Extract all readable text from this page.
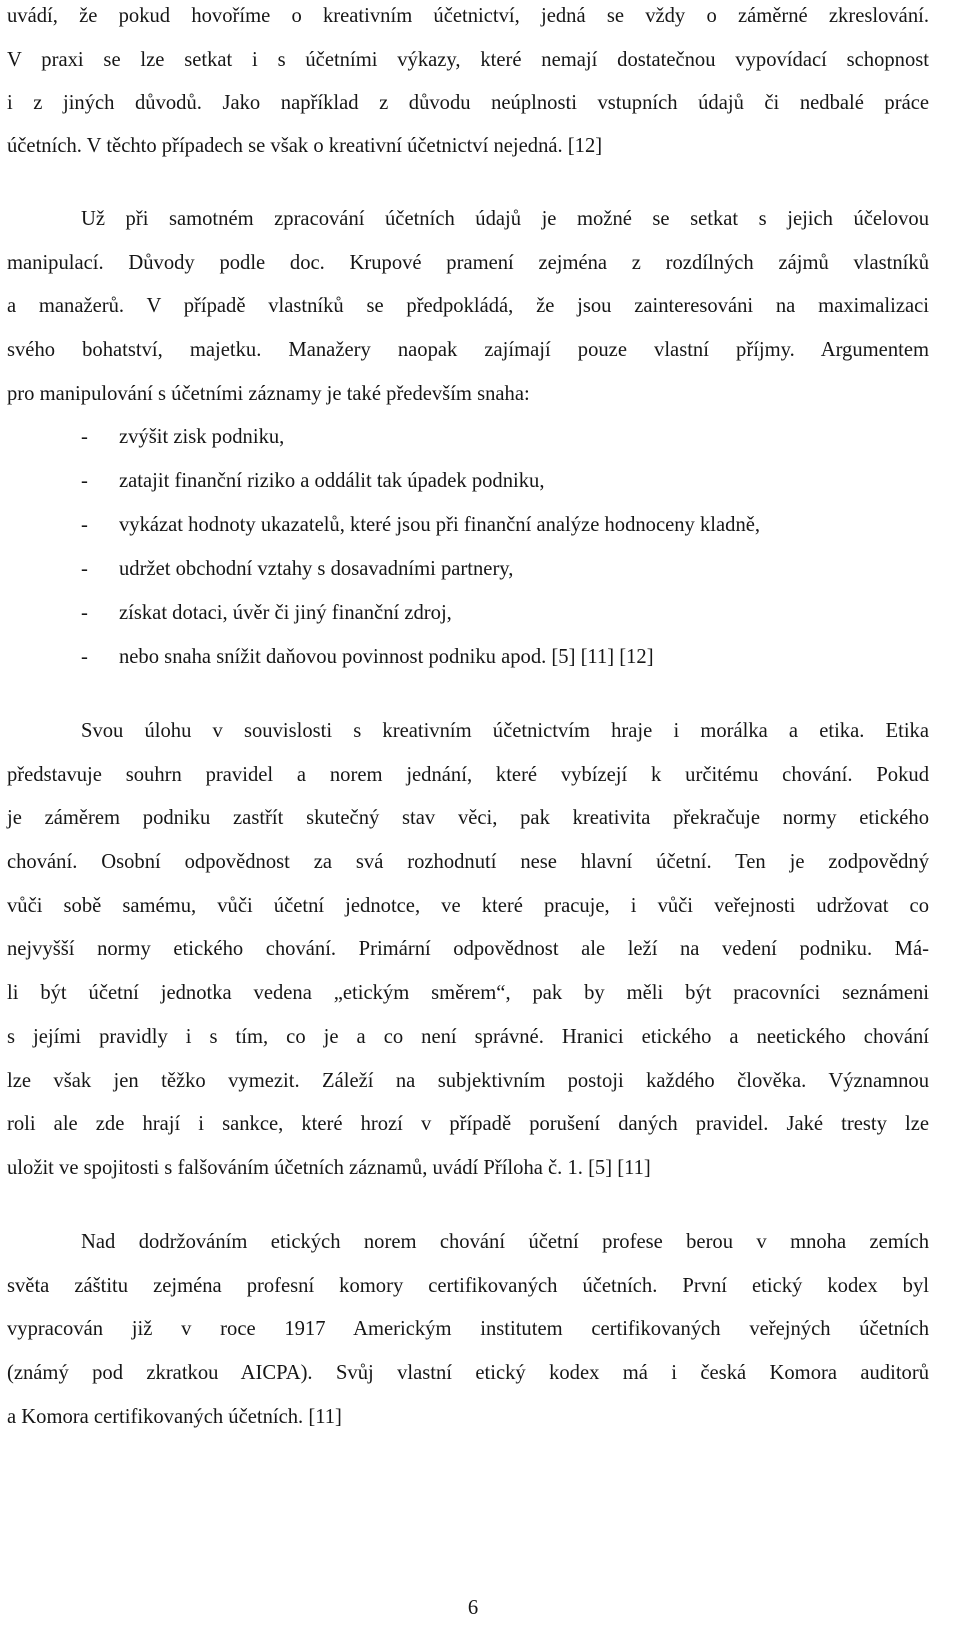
uvádí, že pokud hovoříme o kreativním účetnictví, jedná se vždy o záměrné zkreslování.
V praxi se lze setkat i s účetními výkazy, které nemají dostatečnou vypovídací schopnost
i z jiných důvodů. Jako například z důvodu neúplnosti vstupních údajů či nedbalé práce
účetních. V těchto případech se však o kreativní účetnictví nejedná. [12]
Už při samotném zpracování účetních údajů je možné se setkat s jejich účelovou
manipulací. Důvody podle doc. Krupové pramení zejména z rozdílných zájmů vlastníků
a manažerů. V případě vlastníků se předpokládá, že jsou zainteresováni na maximalizaci
svého bohatství, majetku. Manažery naopak zajímají pouze vlastní příjmy. Argumentem
pro manipulování s účetními záznamy je také především snaha:
- zvýšit zisk podniku,
- zatajit finanční riziko a oddálit tak úpadek podniku,
- vykázat hodnoty ukazatelů, které jsou při finanční analýze hodnoceny kladně,
- udržet obchodní vztahy s dosavadními partnery,
- získat dotaci, úvěr či jiný finanční zdroj,
- nebo snaha snížit daňovou povinnost podniku apod. [5] [11] [12]
Svou úlohu v souvislosti s kreativním účetnictvím hraje i morálka a etika. Etika
představuje souhrn pravidel a norem jednání, které vybízejí k určitému chování. Pokud
je záměrem podniku zastřít skutečný stav věci, pak kreativita překračuje normy etického
chování. Osobní odpovědnost za svá rozhodnutí nese hlavní účetní. Ten je zodpovědný
vůči sobě samému, vůči účetní jednotce, ve které pracuje, i vůči veřejnosti udržovat co
nejvyšší normy etického chování. Primární odpovědnost ale leží na vedení podniku. Má-
li být účetní jednotka vedena „etickým směrem“, pak by měli být pracovníci seznámeni
s jejími pravidly i s tím, co je a co není správné. Hranici etického a neetického chování
lze však jen těžko vymezit. Záleží na subjektivním postoji každého člověka. Významnou
roli ale zde hrají i sankce, které hrozí v případě porušení daných pravidel. Jaké tresty lze
uložit ve spojitosti s falšováním účetních záznamů, uvádí Příloha č. 1. [5] [11]
Nad dodržováním etických norem chování účetní profese berou v mnoha zemích
světa záštitu zejména profesní komory certifikovaných účetních. První etický kodex byl
vypracován již v roce 1917 Americkým institutem certifikovaných veřejných účetních
(známý pod zkratkou AICPA). Svůj vlastní etický kodex má i česká Komora auditorů
a Komora certifikovaných účetních. [11]
6
